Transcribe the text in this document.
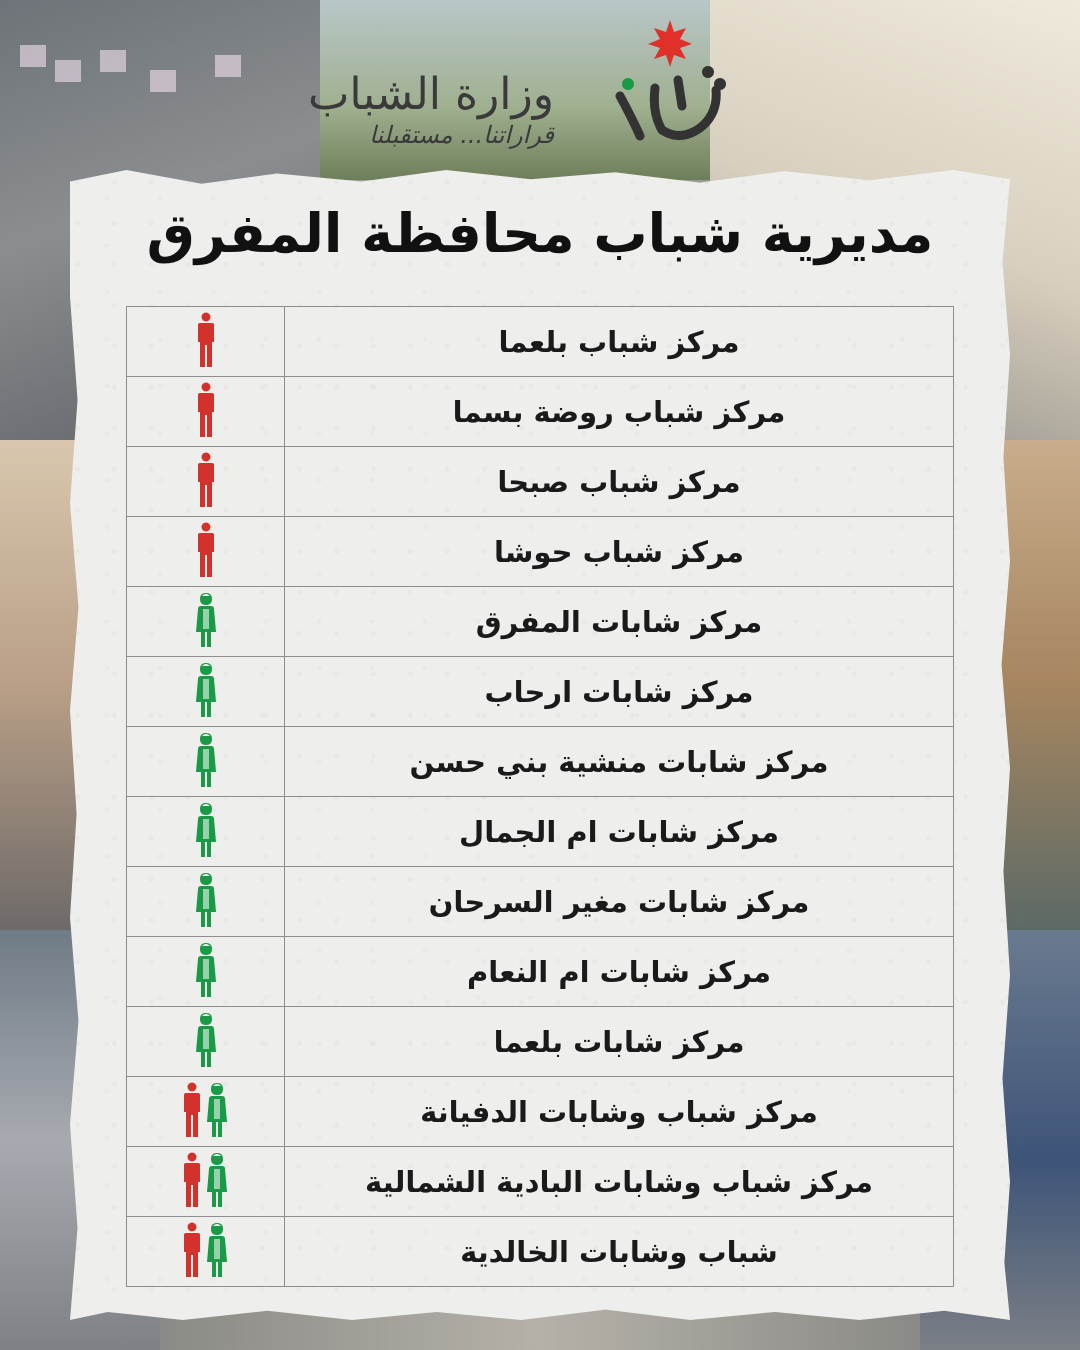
وزارة الشباب
قراراتنا... مستقبلنا
مديرية شباب محافظة المفرق
مركز شباب بلعما	

مركز شباب روضة بسما	

مركز شباب صبحا	

مركز شباب حوشا	

مركز شابات المفرق	

مركز شابات ارحاب	

مركز شابات منشية بني حسن	

مركز شابات ام الجمال	

مركز شابات مغير السرحان	

مركز شابات ام النعام	

مركز شابات بلعما	

مركز شباب وشابات الدفيانة	

مركز شباب وشابات البادية الشمالية	

شباب وشابات الخالدية	
